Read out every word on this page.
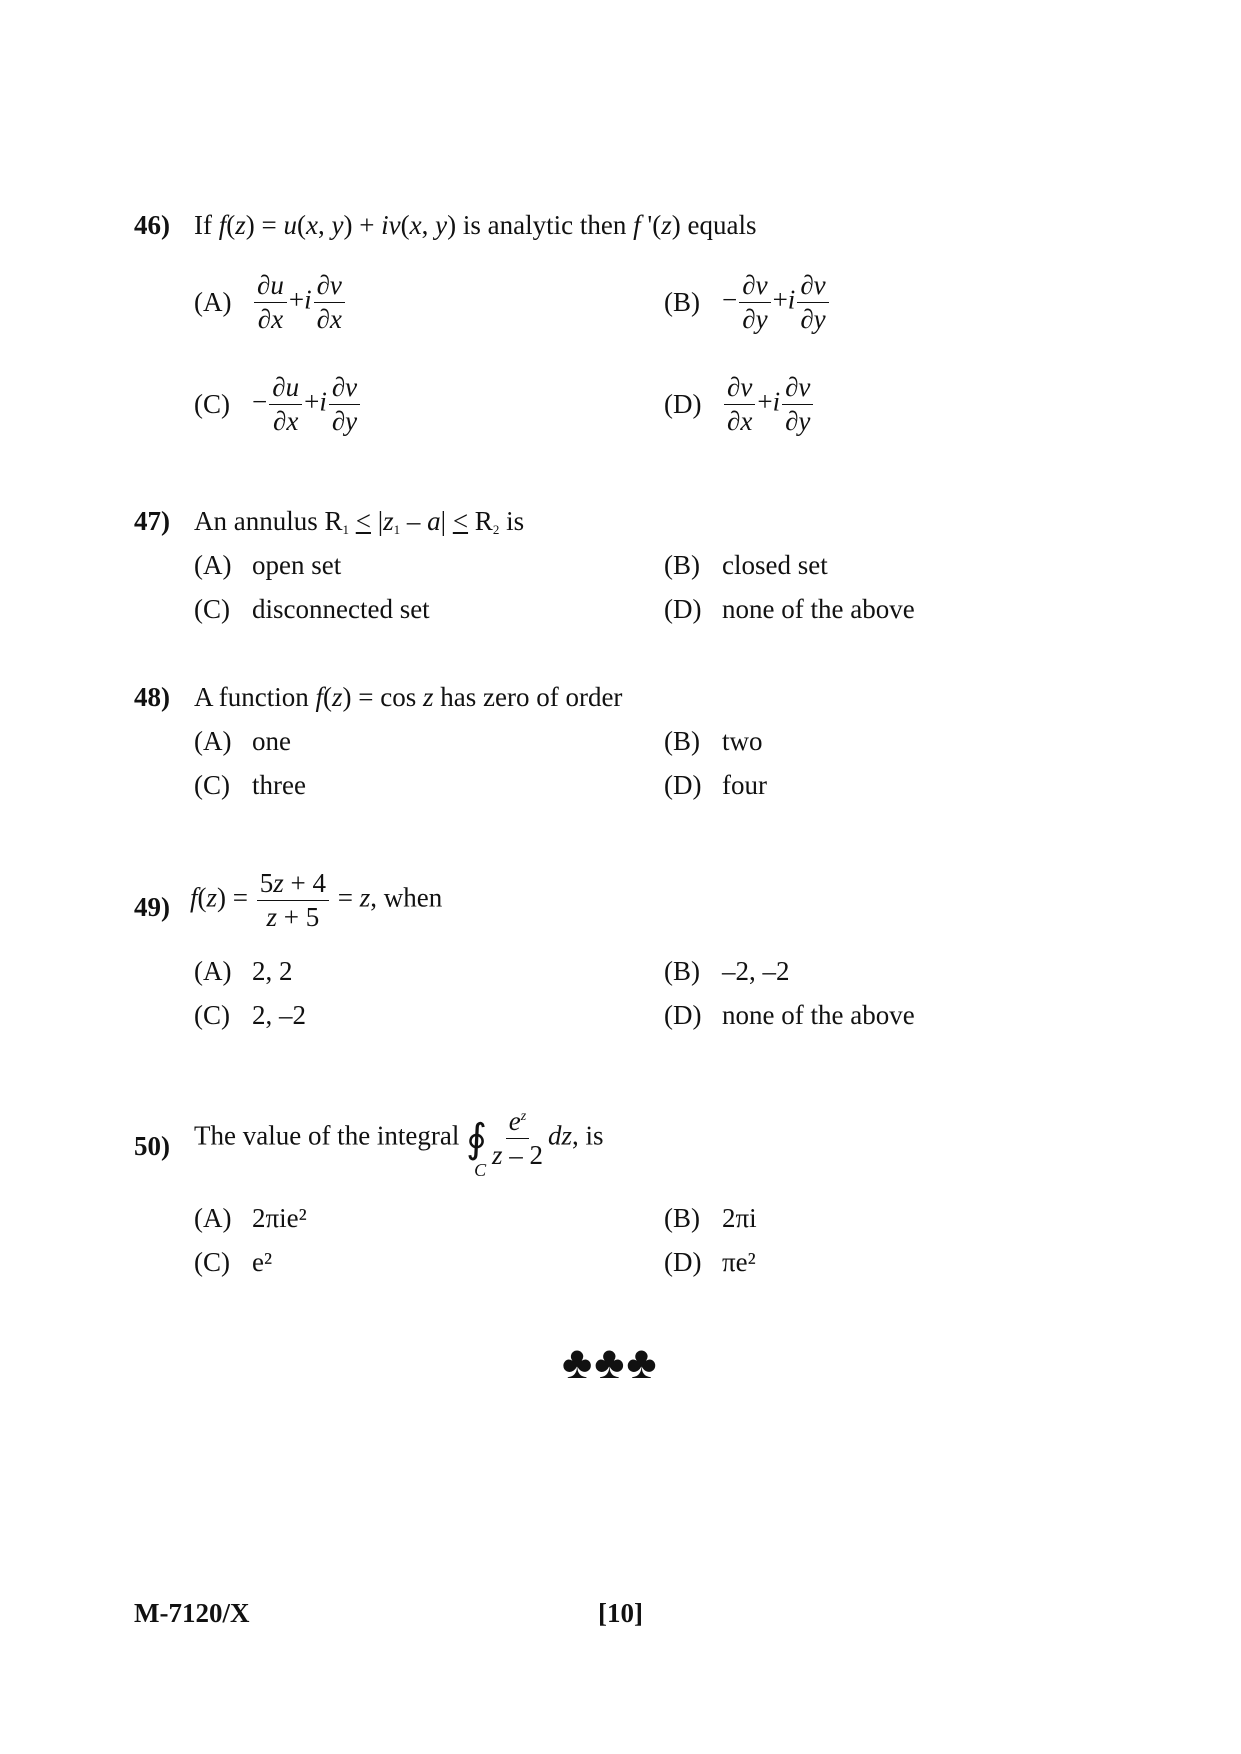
46) If f(z) = u(x, y) + iv(x, y) is analytic then f '(z) equals
$(A) \frac{\partial u}{\partial x} +i \frac{\partial v}{\partial x}$	$(B) - \frac{\partial v}{\partial y} +i \frac{\partial v}{\partial y}$
$(C) - \frac{\partial u}{\partial x} +i \frac{\partial v}{\partial y}$	$(D) \frac{\partial v}{\partial x} +i \frac{\partial v}{\partial y}$
47) An annulus $R_1 < |z_1 - a| < R_2$ is
(A) open set	(B) closed set
(C) disconnected set	(D) none of the above
48) A function f(z) = cos z has zero of order
(A) one	(B) two
(C) three	(D) four
49) $f(z) = \frac{5z + 4}{z + 5} = z$, when
(A) 2, 2	(B) –2, –2
(C) 2, –2	(D) none of the above
50) The value of the integral ∮
C
$\frac{e^z}{z - 2}$ dz, is
(A) 2πie²	(B) 2πi
(C) e²	(D) πe²
♣♣♣
M-7120/X	[10]
